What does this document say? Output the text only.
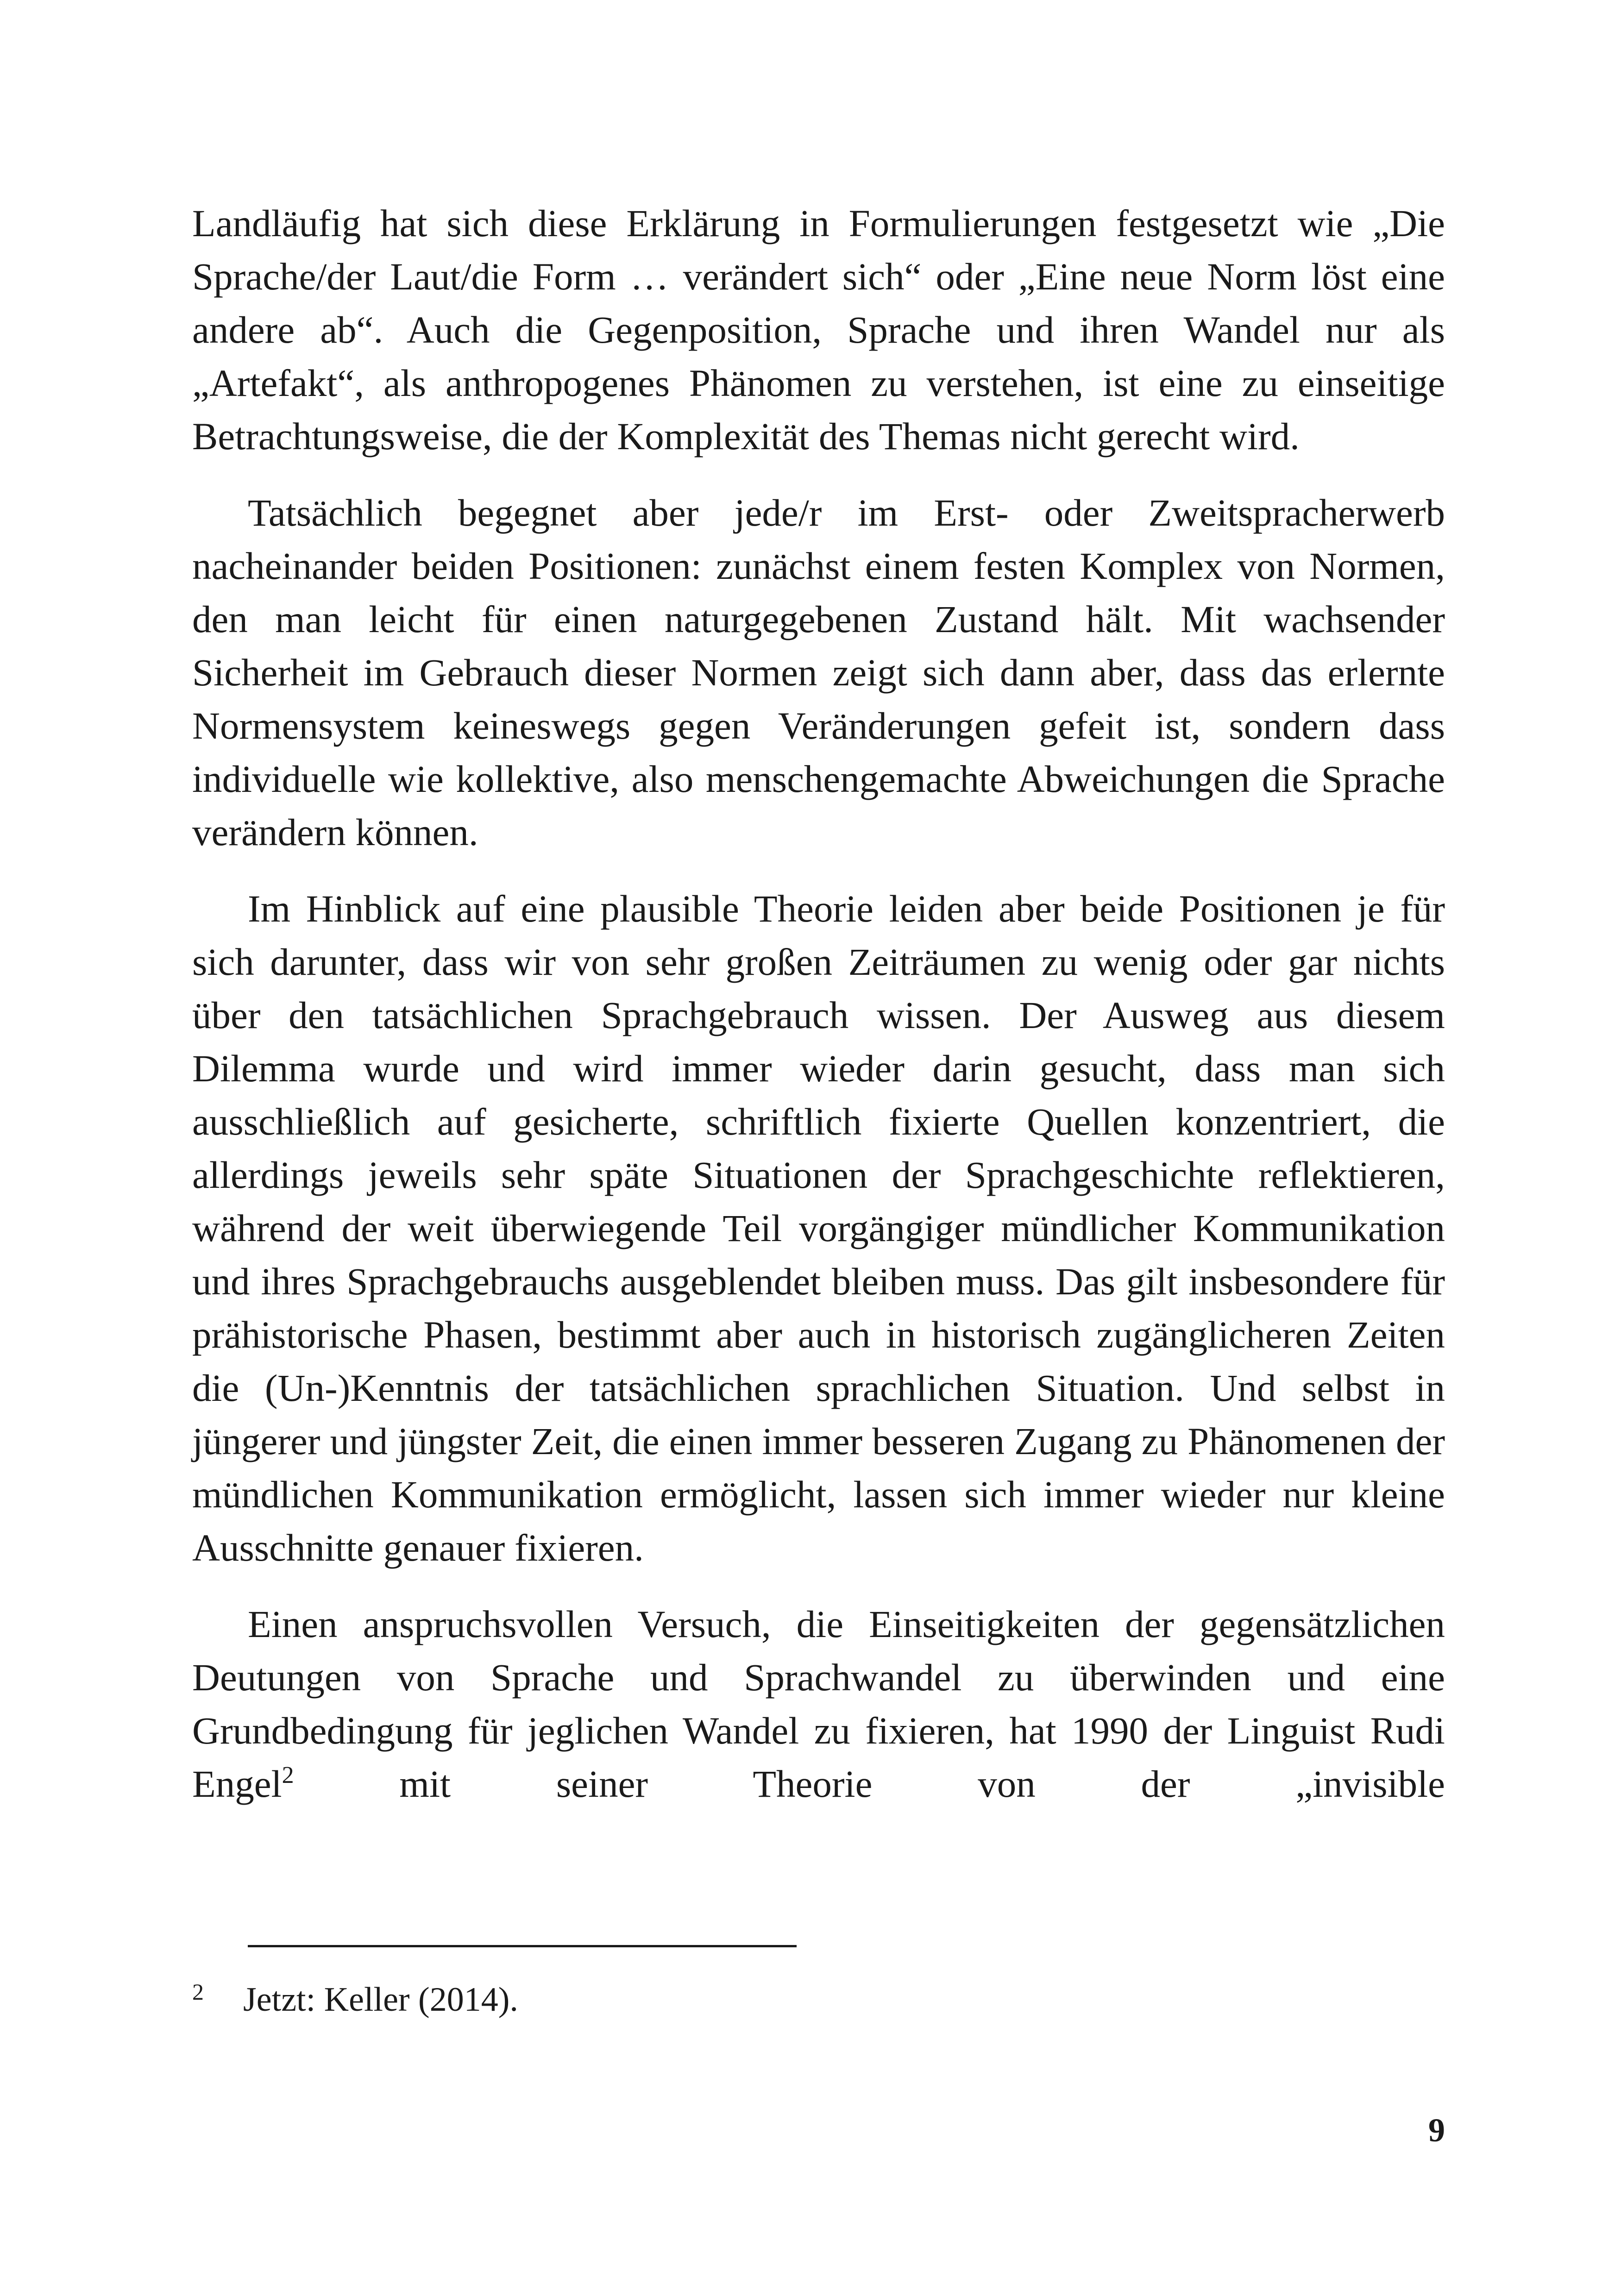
Landläufig hat sich diese Erklärung in Formulierungen festgesetzt wie „Die Sprache/der Laut/die Form … verändert sich“ oder „Eine neue Norm löst eine andere ab“. Auch die Gegenposition, Sprache und ihren Wandel nur als „Artefakt“, als anthropogenes Phänomen zu verstehen, ist eine zu einseitige Betrachtungsweise, die der Komplexität des Themas nicht gerecht wird.

Tatsächlich begegnet aber jede/r im Erst- oder Zweitspracherwerb nacheinander beiden Positionen: zunächst einem festen Komplex von Normen, den man leicht für einen naturgegebenen Zustand hält. Mit wachsender Sicherheit im Gebrauch dieser Normen zeigt sich dann aber, dass das erlernte Normensystem keineswegs gegen Veränderungen gefeit ist, sondern dass individuelle wie kollektive, also menschengemachte Abweichungen die Sprache verändern können.

Im Hinblick auf eine plausible Theorie leiden aber beide Positionen je für sich darunter, dass wir von sehr großen Zeiträumen zu wenig oder gar nichts über den tatsächlichen Sprachgebrauch wissen. Der Ausweg aus diesem Dilemma wurde und wird immer wieder darin gesucht, dass man sich ausschließlich auf gesicherte, schriftlich fixierte Quellen konzentriert, die allerdings jeweils sehr späte Situationen der Sprachgeschichte reflektieren, während der weit überwiegende Teil vorgängiger mündlicher Kommunikation und ihres Sprachgebrauchs ausgeblendet bleiben muss. Das gilt insbesondere für prähistorische Phasen, bestimmt aber auch in historisch zugänglicheren Zeiten die (Un-)Kenntnis der tatsächlichen sprachlichen Situation. Und selbst in jüngerer und jüngster Zeit, die einen immer besseren Zugang zu Phänomenen der mündlichen Kommunikation ermöglicht, lassen sich immer wieder nur kleine Ausschnitte genauer fixieren.

Einen anspruchsvollen Versuch, die Einseitigkeiten der gegensätzlichen Deutungen von Sprache und Sprachwandel zu überwinden und eine Grundbedingung für jeglichen Wandel zu fixieren, hat 1990 der Linguist Rudi Engel$^2$ mit seiner Theorie von der „invisible

2 Jetzt: Keller (2014).
9
